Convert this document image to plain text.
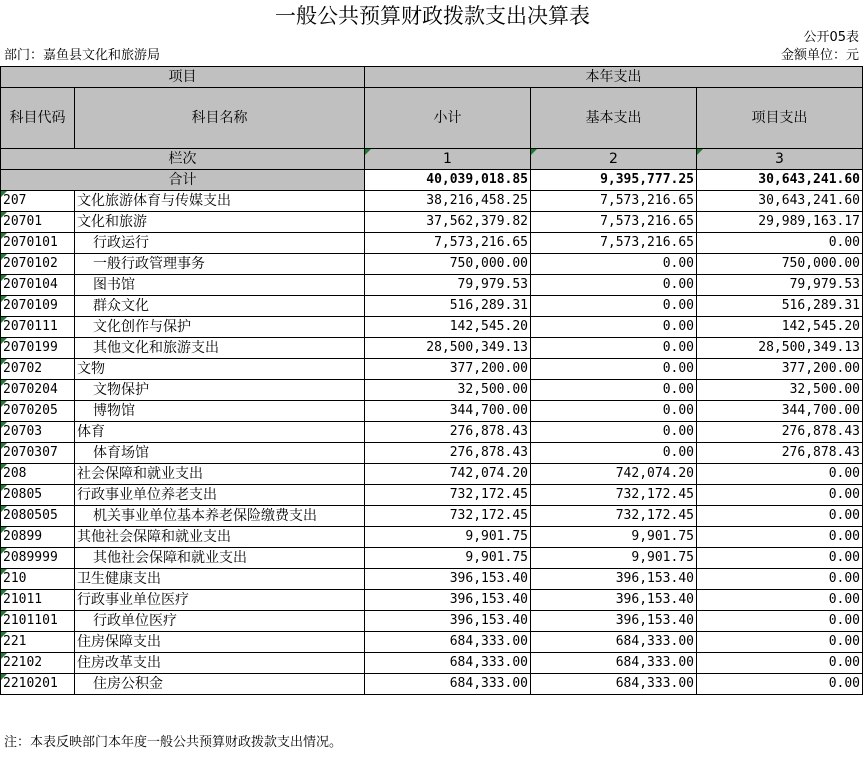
一般公共预算财政拨款支出决算表
公开05表
部门：嘉鱼县文化和旅游局	金额单位：元
项目		本年支出		
科目代码	科目名称	小计	基本支出	项目支出
栏次		1	2	3
合计		40,039,018.85	9,395,777.25	30,643,241.60
207	文化旅游体育与传媒支出	38,216,458.25	7,573,216.65	30,643,241.60
20701	文化和旅游	37,562,379.82	7,573,216.65	29,989,163.17
2070101	行政运行	7,573,216.65	7,573,216.65	0.00
2070102	一般行政管理事务	750,000.00	0.00	750,000.00
2070104	图书馆	79,979.53	0.00	79,979.53
2070109	群众文化	516,289.31	0.00	516,289.31
2070111	文化创作与保护	142,545.20	0.00	142,545.20
2070199	其他文化和旅游支出	28,500,349.13	0.00	28,500,349.13
20702	文物	377,200.00	0.00	377,200.00
2070204	文物保护	32,500.00	0.00	32,500.00
2070205	博物馆	344,700.00	0.00	344,700.00
20703	体育	276,878.43	0.00	276,878.43
2070307	体育场馆	276,878.43	0.00	276,878.43
208	社会保障和就业支出	742,074.20	742,074.20	0.00
20805	行政事业单位养老支出	732,172.45	732,172.45	0.00
2080505	机关事业单位基本养老保险缴费支出	732,172.45	732,172.45	0.00
20899	其他社会保障和就业支出	9,901.75	9,901.75	0.00
2089999	其他社会保障和就业支出	9,901.75	9,901.75	0.00
210	卫生健康支出	396,153.40	396,153.40	0.00
21011	行政事业单位医疗	396,153.40	396,153.40	0.00
2101101	行政单位医疗	396,153.40	396,153.40	0.00
221	住房保障支出	684,333.00	684,333.00	0.00
22102	住房改革支出	684,333.00	684,333.00	0.00
2210201	住房公积金	684,333.00	684,333.00	0.00
注：本表反映部门本年度一般公共预算财政拨款支出情况。
